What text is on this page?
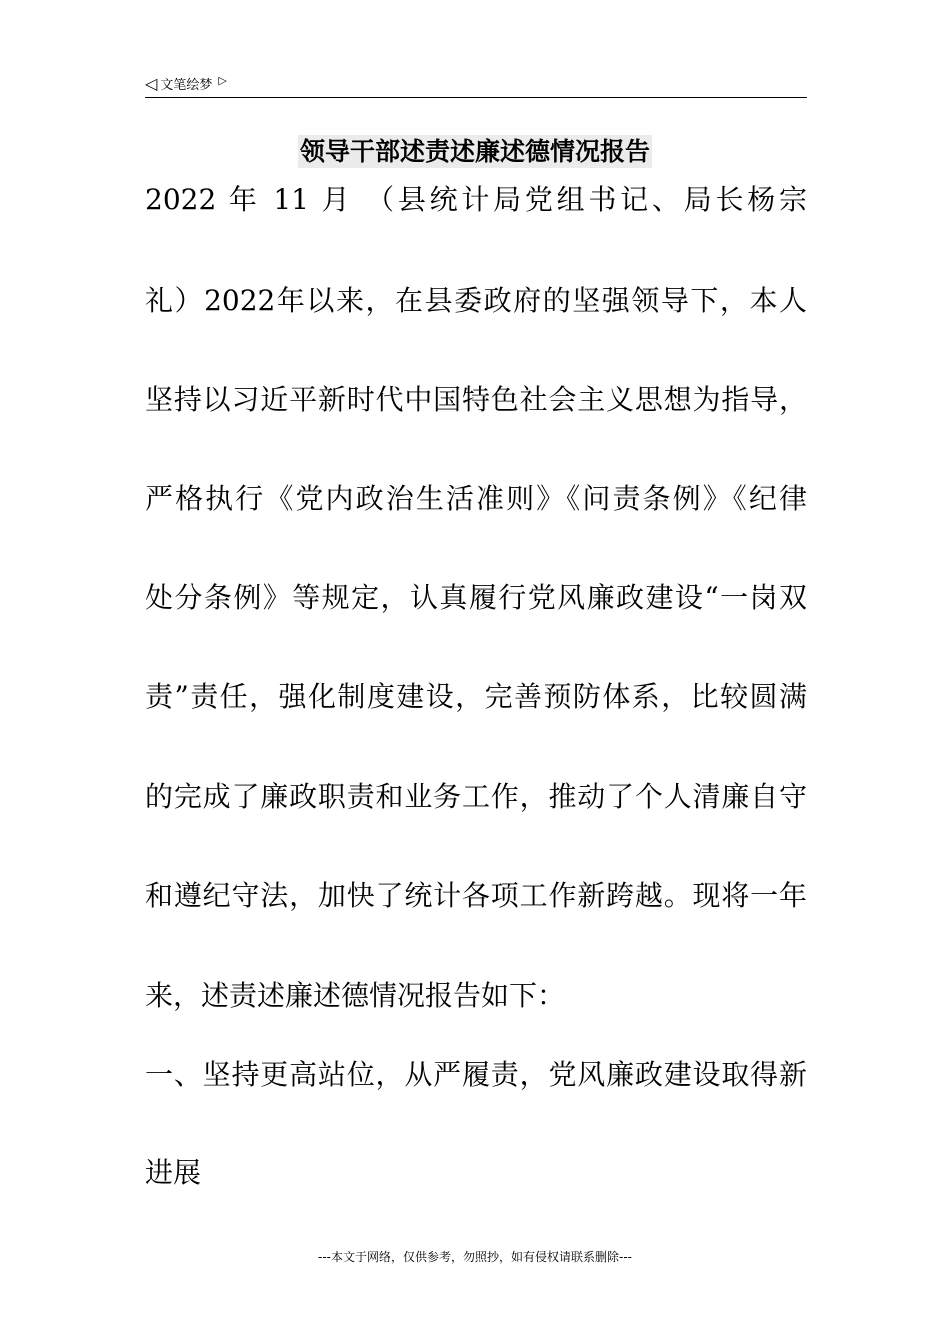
◁ 文笔绘梦 ▷
领导干部述责述廉述德情况报告
2022 年 11 月 （县统计局党组书记、局长杨宗
礼）2022年以来，在县委政府的坚强领导下，本人
坚持以习近平新时代中国特色社会主义思想为指导，
严格执行《党内政治生活准则》《问责条例》《纪律
处分条例》等规定，认真履行党风廉政建设“一岗双
责”责任，强化制度建设，完善预防体系，比较圆满
的完成了廉政职责和业务工作，推动了个人清廉自守
和遵纪守法，加快了统计各项工作新跨越。现将一年
来，述责述廉述德情况报告如下：
一、坚持更高站位，从严履责，党风廉政建设取得新
进展
---本文于网络，仅供参考，勿照抄，如有侵权请联系删除---
